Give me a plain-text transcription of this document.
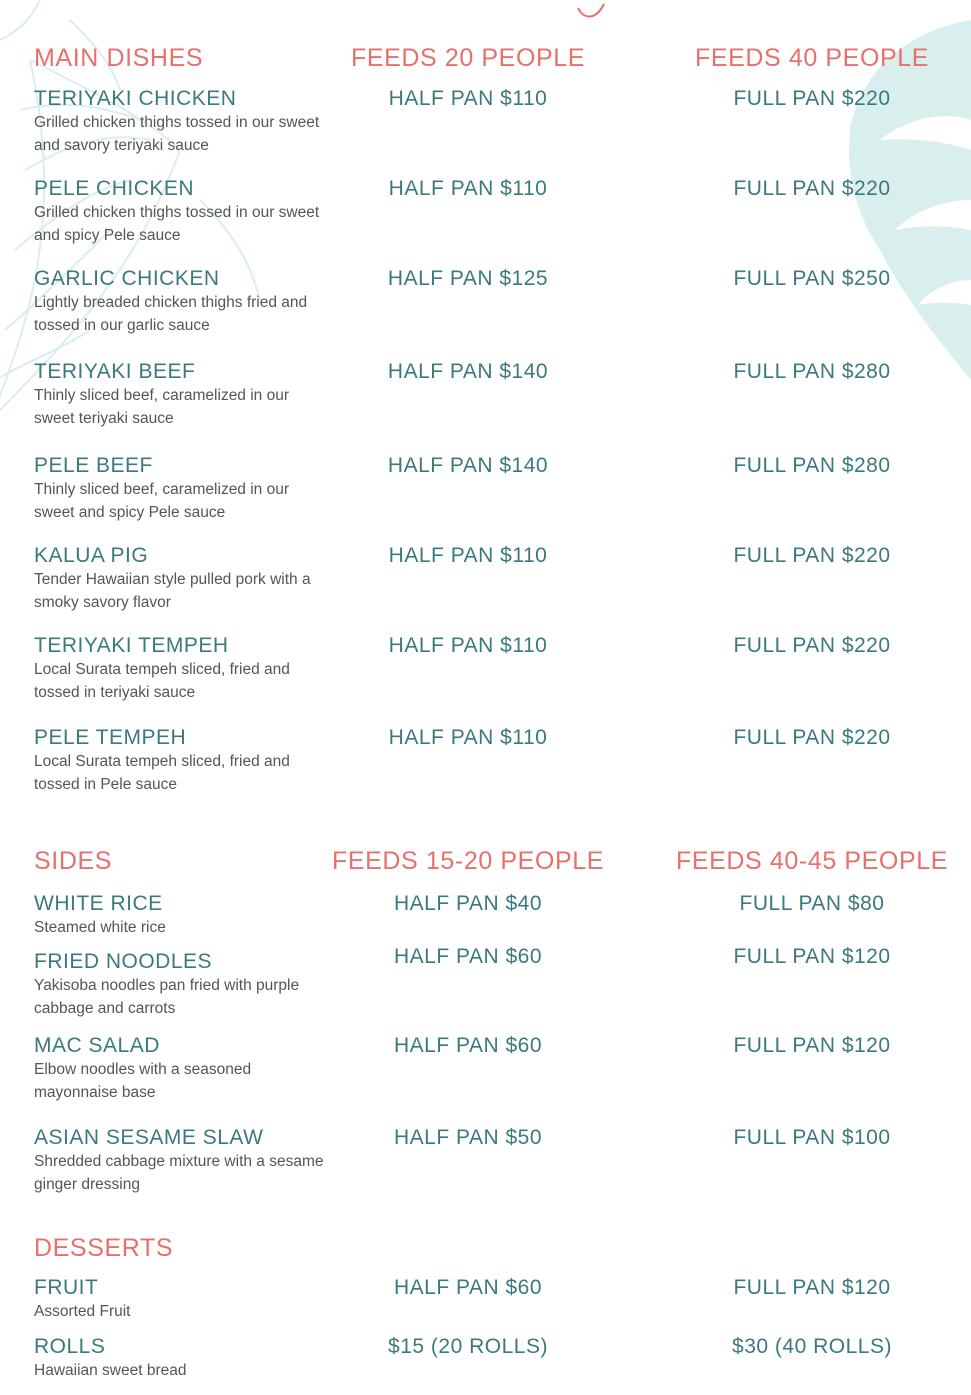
MAIN DISHES	FEEDS 20 PEOPLE	FEEDS 40 PEOPLE
TERIYAKI CHICKEN
Grilled chicken thighs tossed in our sweet and savory teriyaki sauce
HALF PAN $110	FULL PAN $220
PELE CHICKEN
Grilled chicken thighs tossed in our sweet and spicy Pele sauce
HALF PAN $110	FULL PAN $220
GARLIC CHICKEN
Lightly breaded chicken thighs fried and tossed in our garlic sauce
HALF PAN $125	FULL PAN $250
TERIYAKI BEEF
Thinly sliced beef, caramelized in our sweet teriyaki sauce
HALF PAN $140	FULL PAN $280
PELE BEEF
Thinly sliced beef, caramelized in our sweet and spicy Pele sauce
HALF PAN $140	FULL PAN $280
KALUA PIG
Tender Hawaiian style pulled pork with a smoky savory flavor
HALF PAN $110	FULL PAN $220
TERIYAKI TEMPEH
Local Surata tempeh sliced, fried and tossed in teriyaki sauce
HALF PAN $110	FULL PAN $220
PELE TEMPEH
Local Surata tempeh sliced, fried and tossed in Pele sauce
HALF PAN $110	FULL PAN $220
SIDES	FEEDS 15-20 PEOPLE	FEEDS 40-45 PEOPLE
WHITE RICE
Steamed white rice
HALF PAN $40	FULL PAN $80
FRIED NOODLES
Yakisoba noodles pan fried with purple cabbage and carrots
HALF PAN $60	FULL PAN $120
MAC SALAD
Elbow noodles with a seasoned mayonnaise base
HALF PAN $60	FULL PAN $120
ASIAN SESAME SLAW
Shredded cabbage mixture with a sesame ginger dressing
HALF PAN $50	FULL PAN $100
DESSERTS
FRUIT
Assorted Fruit
HALF PAN $60	FULL PAN $120
ROLLS
Hawaiian sweet bread
$15 (20 ROLLS)	$30 (40 ROLLS)
